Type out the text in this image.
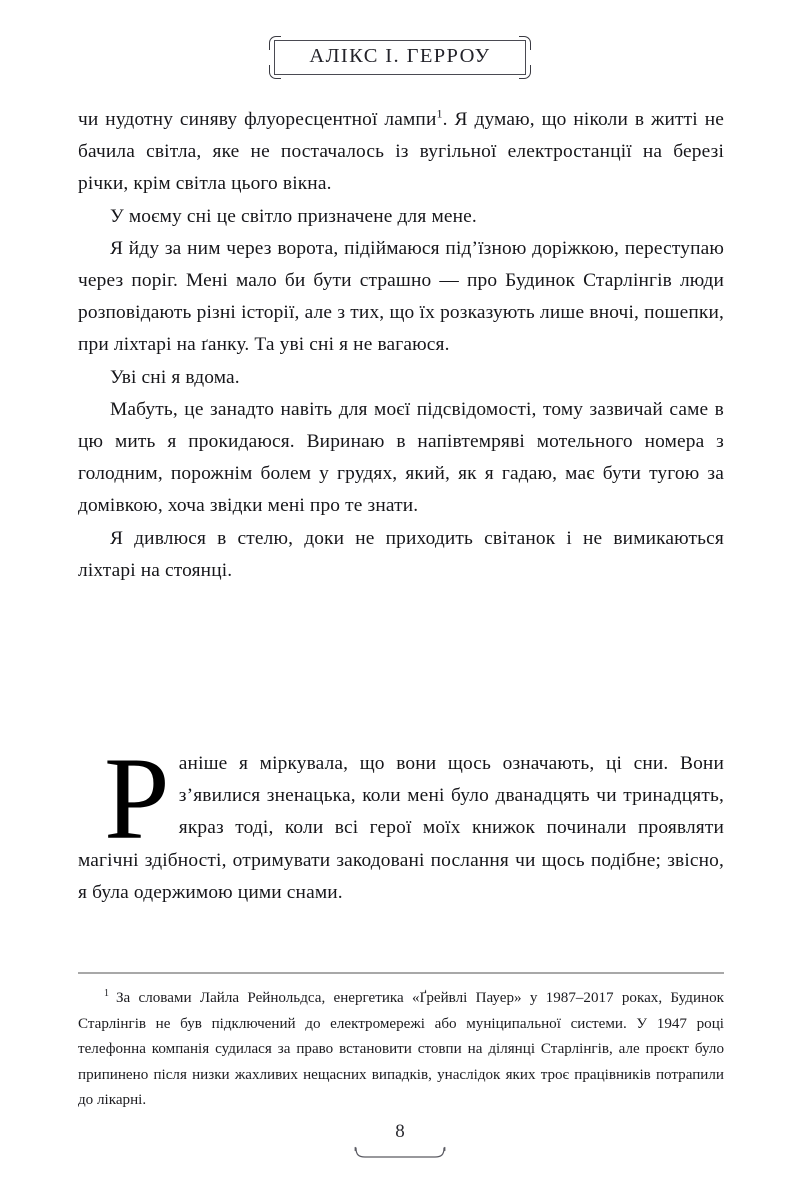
АЛІКС І. ГЕРРОУ

чи нудотну синяву флуоресцентної лампи$^1$. Я думаю, що ніколи в житті не бачила світла, яке не постачалось із вугільної електростанції на березі річки, крім світла цього вікна.

У моєму сні це світло призначене для мене.

Я йду за ним через ворота, підіймаюся під’їзною доріжкою, переступаю через поріг. Мені мало би бути страшно — про Будинок Старлінгів люди розповідають різні історії, але з тих, що їх розказують лише вночі, пошепки, при ліхтарі на ґанку. Та уві сні я не вагаюся.

Уві сні я вдома.

Мабуть, це занадто навіть для моєї підсвідомості, тому зазвичай саме в цю мить я прокидаюся. Виринаю в напівтемряві мотельного номера з голодним, порожнім болем у грудях, який, як я гадаю, має бути тугою за домівкою, хоча звідки мені про те знати.

Я дивлюся в стелю, доки не приходить світанок і не вимикаються ліхтарі на стоянці.

Раніше я міркувала, що вони щось означають, ці сни. Вони з’явилися зненацька, коли мені було дванадцять чи тринадцять, якраз тоді, коли всі герої моїх книжок починали проявляти магічні здібності, отримувати закодовані послання чи щось подібне; звісно, я була одержимою цими снами.

$^1$ За словами Лайла Рейнольдса, енергетика «Ґрейвлі Пауер» у 1987–2017 роках, Будинок Старлінгів не був підключений до електромережі або муніципальної системи. У 1947 році телефонна компанія судилася за право встановити стовпи на ділянці Старлінгів, але проєкт було припинено після низки жахливих нещасних випадків, унаслідок яких троє працівників потрапили до лікарні.

8
